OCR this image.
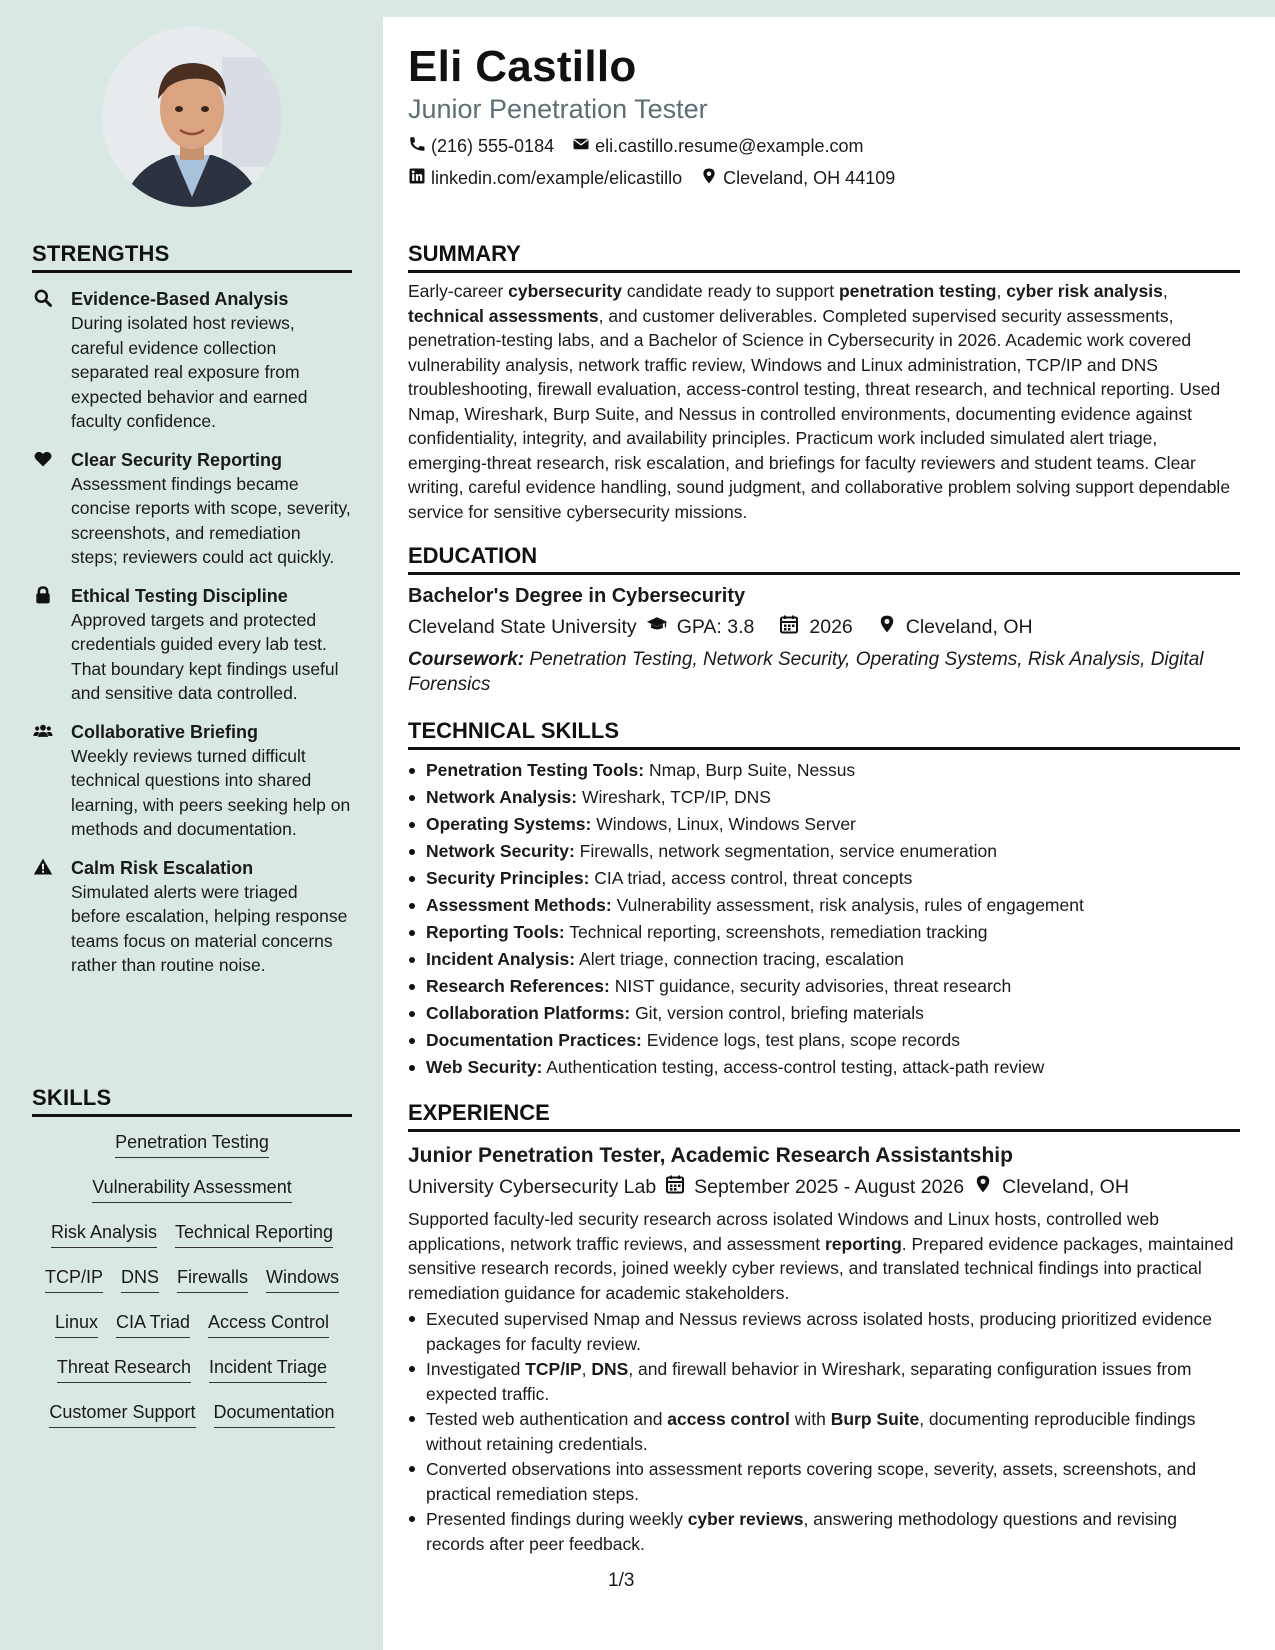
STRENGTHS
Evidence-Based Analysis
During isolated host reviews, careful evidence collection separated real exposure from expected behavior and earned faculty confidence.
Clear Security Reporting
Assessment findings became concise reports with scope, severity, screenshots, and remediation steps; reviewers could act quickly.
Ethical Testing Discipline
Approved targets and protected credentials guided every lab test. That boundary kept findings useful and sensitive data controlled.
Collaborative Briefing
Weekly reviews turned difficult technical questions into shared learning, with peers seeking help on methods and documentation.
Calm Risk Escalation
Simulated alerts were triaged before escalation, helping response teams focus on material concerns rather than routine noise.
SKILLS
Penetration Testing
Vulnerability Assessment
Risk Analysis Technical Reporting
TCP/IP DNS Firewalls Windows
Linux CIA Triad Access Control
Threat Research Incident Triage
Customer Support Documentation
Eli Castillo
Junior Penetration Tester
(216) 555-0184 eli.castillo.resume@example.com
linkedin.com/example/elicastillo Cleveland, OH 44109
SUMMARY
Early-career cybersecurity candidate ready to support penetration testing, cyber risk analysis, technical assessments, and customer deliverables. Completed supervised security assessments, penetration-testing labs, and a Bachelor of Science in Cybersecurity in 2026. Academic work covered vulnerability analysis, network traffic review, Windows and Linux administration, TCP/IP and DNS troubleshooting, firewall evaluation, access-control testing, threat research, and technical reporting. Used Nmap, Wireshark, Burp Suite, and Nessus in controlled environments, documenting evidence against confidentiality, integrity, and availability principles. Practicum work included simulated alert triage, emerging-threat research, risk escalation, and briefings for faculty reviewers and student teams. Clear writing, careful evidence handling, sound judgment, and collaborative problem solving support dependable service for sensitive cybersecurity missions.
EDUCATION
Bachelor's Degree in Cybersecurity
Cleveland State University GPA: 3.8	2026	Cleveland, OH
Coursework: Penetration Testing, Network Security, Operating Systems, Risk Analysis, Digital Forensics
TECHNICAL SKILLS
Penetration Testing Tools: Nmap, Burp Suite, Nessus
Network Analysis: Wireshark, TCP/IP, DNS
Operating Systems: Windows, Linux, Windows Server
Network Security: Firewalls, network segmentation, service enumeration
Security Principles: CIA triad, access control, threat concepts
Assessment Methods: Vulnerability assessment, risk analysis, rules of engagement
Reporting Tools: Technical reporting, screenshots, remediation tracking
Incident Analysis: Alert triage, connection tracing, escalation
Research References: NIST guidance, security advisories, threat research
Collaboration Platforms: Git, version control, briefing materials
Documentation Practices: Evidence logs, test plans, scope records
Web Security: Authentication testing, access-control testing, attack-path review
EXPERIENCE
Junior Penetration Tester, Academic Research Assistantship
University Cybersecurity Lab September 2025 - August 2026 Cleveland, OH
Supported faculty-led security research across isolated Windows and Linux hosts, controlled web applications, network traffic reviews, and assessment reporting. Prepared evidence packages, maintained sensitive research records, joined weekly cyber reviews, and translated technical findings into practical remediation guidance for academic stakeholders.
Executed supervised Nmap and Nessus reviews across isolated hosts, producing prioritized evidence packages for faculty review.
Investigated TCP/IP, DNS, and firewall behavior in Wireshark, separating configuration issues from expected traffic.
Tested web authentication and access control with Burp Suite, documenting reproducible findings without retaining credentials.
Converted observations into assessment reports covering scope, severity, assets, screenshots, and practical remediation steps.
Presented findings during weekly cyber reviews, answering methodology questions and revising records after peer feedback.
1/3
